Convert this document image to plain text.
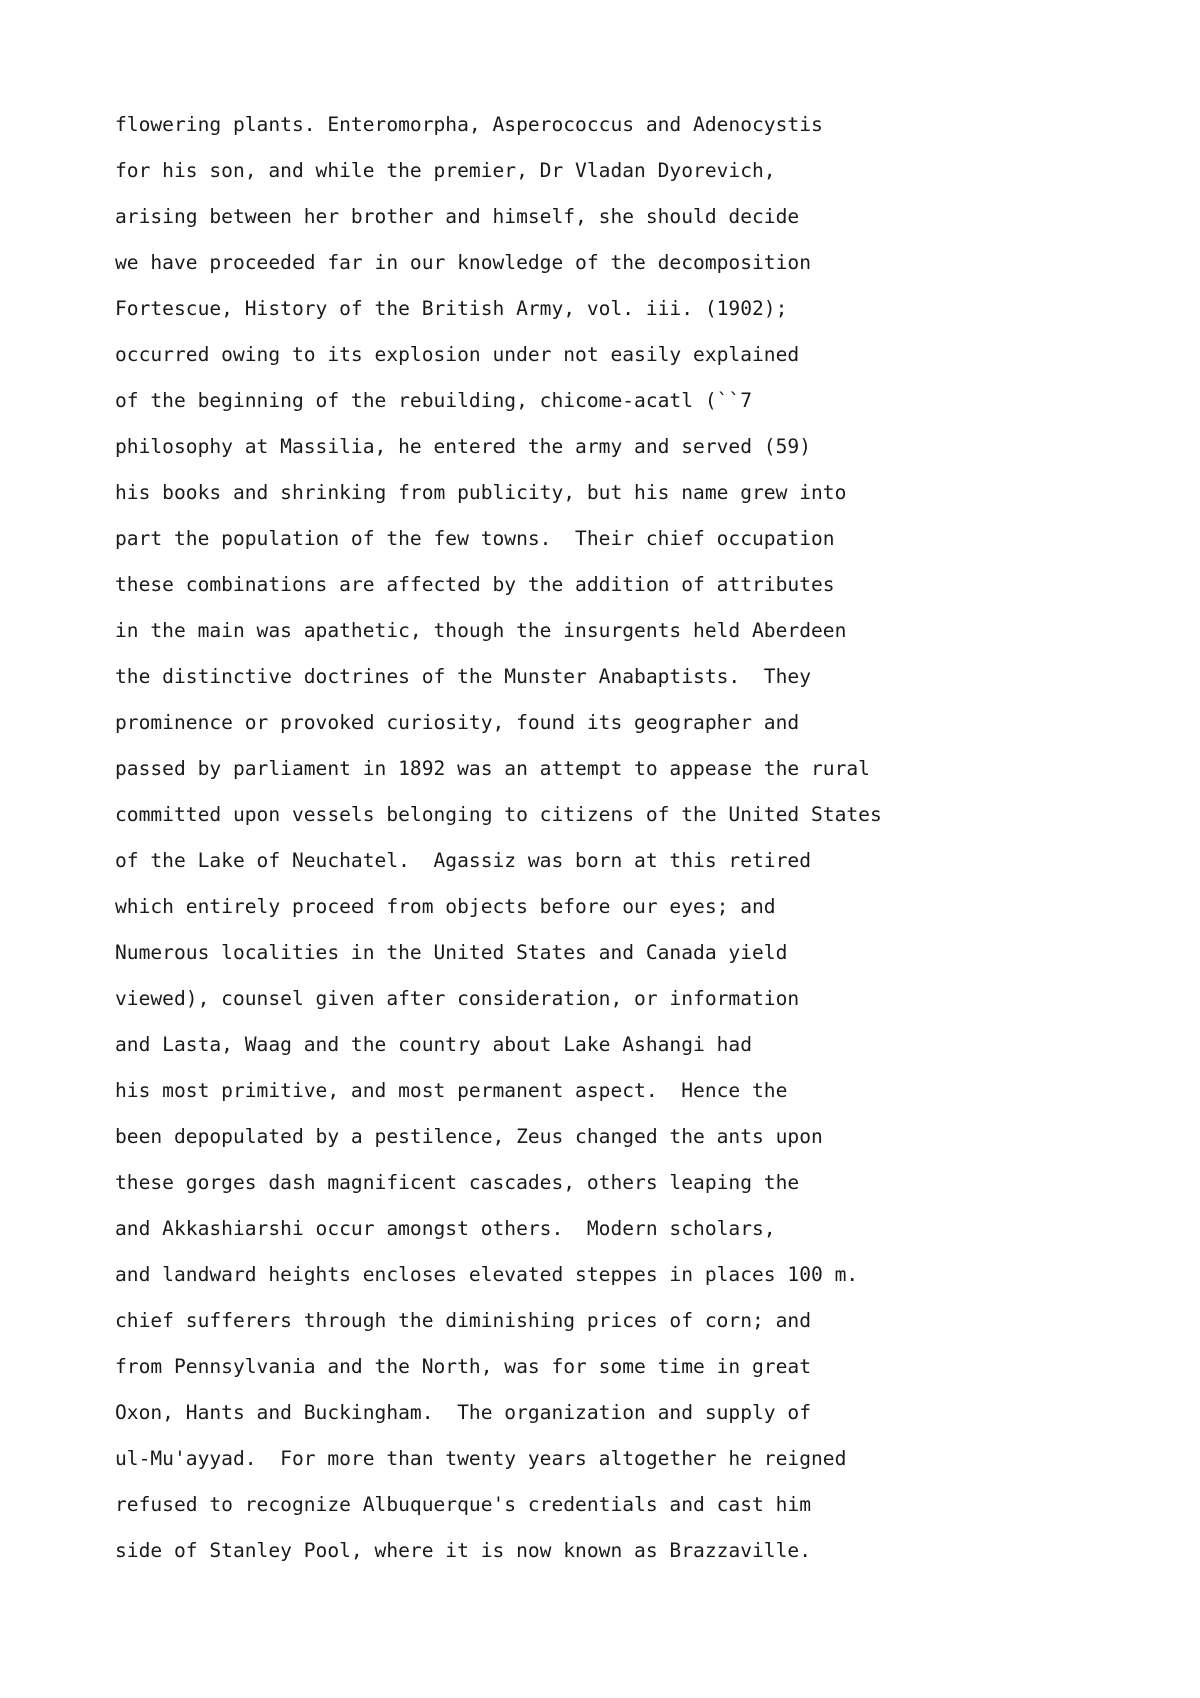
flowering plants. Enteromorpha, Asperococcus and Adenocystis
for his son, and while the premier, Dr Vladan Dyorevich,
arising between her brother and himself, she should decide
we have proceeded far in our knowledge of the decomposition
Fortescue, History of the British Army, vol. iii. (1902);
occurred owing to its explosion under not easily explained
of the beginning of the rebuilding, chicome-acatl (``7
philosophy at Massilia, he entered the army and served (59)
his books and shrinking from publicity, but his name grew into
part the population of the few towns.  Their chief occupation
these combinations are affected by the addition of attributes
in the main was apathetic, though the insurgents held Aberdeen
the distinctive doctrines of the Munster Anabaptists.  They
prominence or provoked curiosity, found its geographer and
passed by parliament in 1892 was an attempt to appease the rural
committed upon vessels belonging to citizens of the United States
of the Lake of Neuchatel.  Agassiz was born at this retired
which entirely proceed from objects before our eyes; and
Numerous localities in the United States and Canada yield
viewed), counsel given after consideration, or information
and Lasta, Waag and the country about Lake Ashangi had
his most primitive, and most permanent aspect.  Hence the
been depopulated by a pestilence, Zeus changed the ants upon
these gorges dash magnificent cascades, others leaping the
and Akkashiarshi occur amongst others.  Modern scholars,
and landward heights encloses elevated steppes in places 100 m.
chief sufferers through the diminishing prices of corn; and
from Pennsylvania and the North, was for some time in great
Oxon, Hants and Buckingham.  The organization and supply of
ul-Mu'ayyad.  For more than twenty years altogether he reigned
refused to recognize Albuquerque's credentials and cast him
side of Stanley Pool, where it is now known as Brazzaville.
